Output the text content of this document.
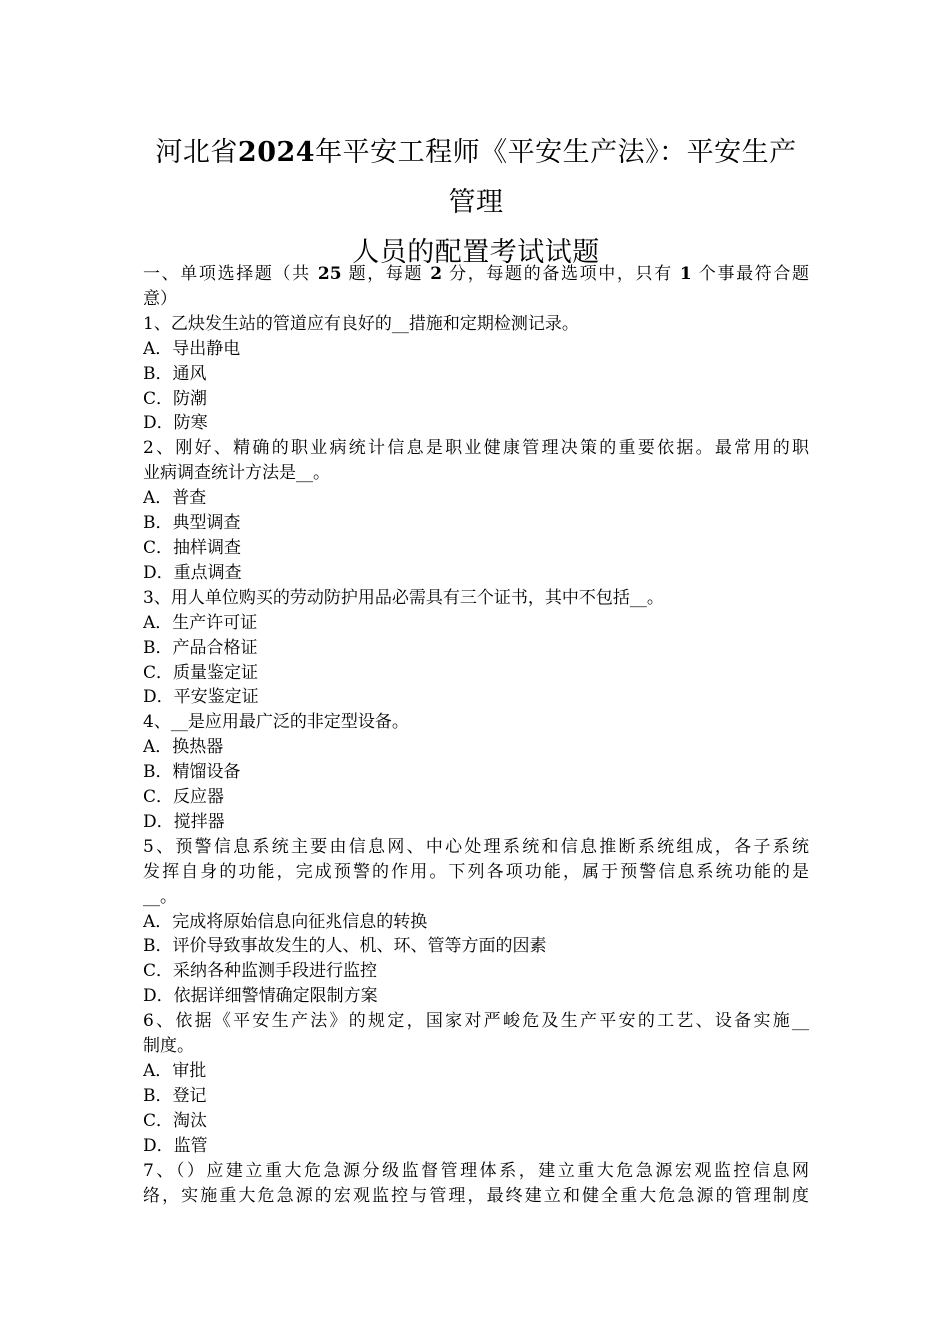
河北省2024年平安工程师《平安生产法》：平安生产管理
人员的配置考试试题
一、单项选择题（共 25 题，每题 2 分，每题的备选项中，只有 1 个事最符合题
意）
1、乙炔发生站的管道应有良好的__措施和定期检测记录。
A．导出静电
B．通风
C．防潮
D．防寒
2、刚好、精确的职业病统计信息是职业健康管理决策的重要依据。最常用的职
业病调查统计方法是__。
A．普查
B．典型调查
C．抽样调查
D．重点调查
3、用人单位购买的劳动防护用品必需具有三个证书，其中不包括__。
A．生产许可证
B．产品合格证
C．质量鉴定证
D．平安鉴定证
4、__是应用最广泛的非定型设备。
A．换热器
B．精馏设备
C．反应器
D．搅拌器
5、预警信息系统主要由信息网、中心处理系统和信息推断系统组成，各子系统
发挥自身的功能，完成预警的作用。下列各项功能，属于预警信息系统功能的是
__。
A．完成将原始信息向征兆信息的转换
B．评价导致事故发生的人、机、环、管等方面的因素
C．采纳各种监测手段进行监控
D．依据详细警情确定限制方案
6、依据《平安生产法》的规定，国家对严峻危及生产平安的工艺、设备实施__
制度。
A．审批
B．登记
C．淘汰
D．监管
7、（）应建立重大危急源分级监督管理体系，建立重大危急源宏观监控信息网
络，实施重大危急源的宏观监控与管理，最终建立和健全重大危急源的管理制度
